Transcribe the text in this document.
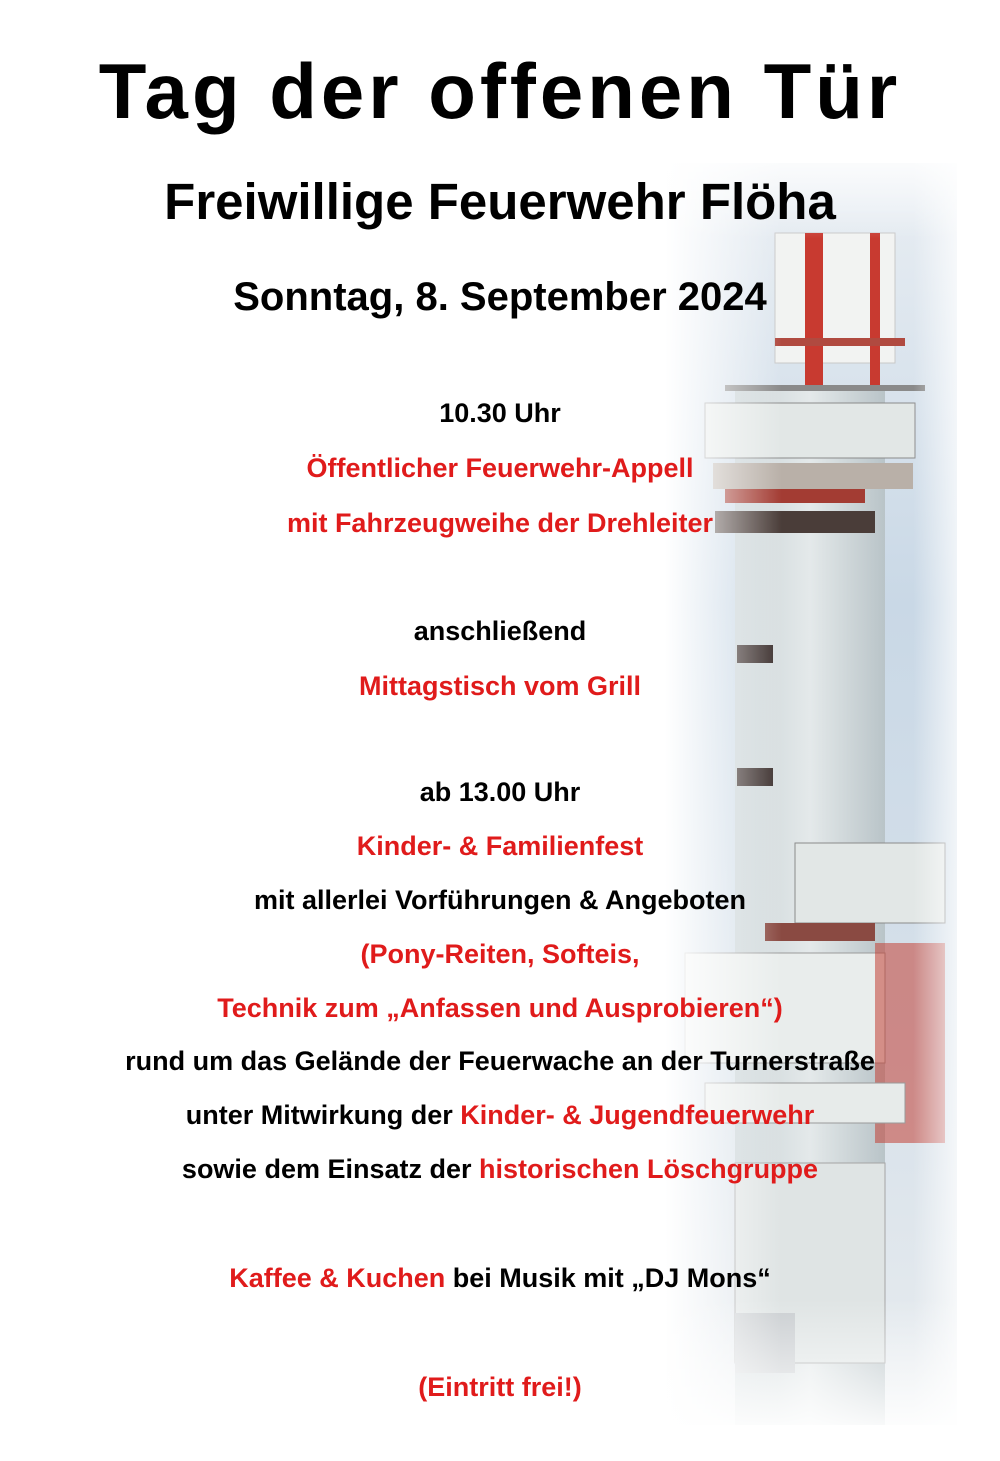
Tag der offenen Tür
Freiwillige Feuerwehr Flöha
Sonntag, 8. September 2024

10.30 Uhr

Öffentlicher Feuerwehr-Appell

mit Fahrzeugweihe der Drehleiter

anschließend

Mittagstisch vom Grill

ab 13.00 Uhr

Kinder- & Familienfest

mit allerlei Vorführungen & Angeboten

(Pony-Reiten, Softeis,

Technik zum „Anfassen und Ausprobieren“)

rund um das Gelände der Feuerwache an der Turnerstraße

unter Mitwirkung der Kinder- & Jugendfeuerwehr

sowie dem Einsatz der historischen Löschgruppe

Kaffee & Kuchen bei Musik mit „DJ Mons“

(Eintritt frei!)
